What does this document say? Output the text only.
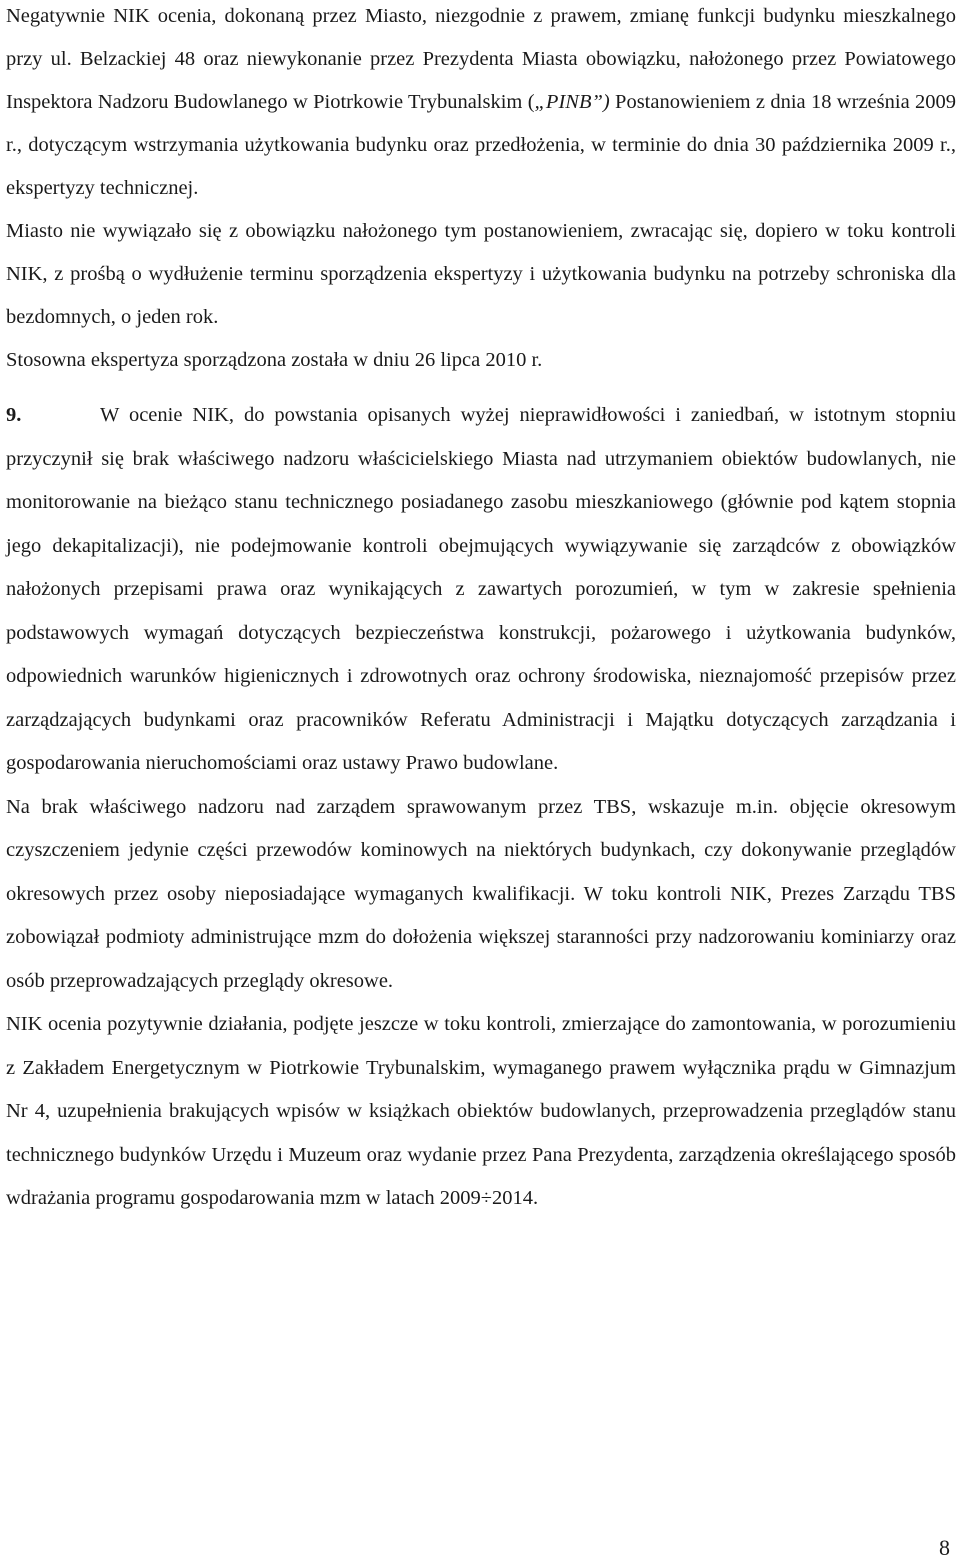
Negatywnie NIK ocenia, dokonaną przez Miasto, niezgodnie z prawem, zmianę funkcji budynku mieszkalnego przy ul. Belzackiej 48 oraz niewykonanie przez Prezydenta Miasta obowiązku, nałożonego przez Powiatowego Inspektora Nadzoru Budowlanego w Piotrkowie Trybunalskim („PINB”) Postanowieniem z dnia 18 września 2009 r., dotyczącym wstrzymania użytkowania budynku oraz przedłożenia, w terminie do dnia 30 października 2009 r., ekspertyzy technicznej.

Miasto nie wywiązało się z obowiązku nałożonego tym postanowieniem, zwracając się, dopiero w toku kontroli NIK, z prośbą o wydłużenie terminu sporządzenia ekspertyzy i użytkowania budynku na potrzeby schroniska dla bezdomnych, o jeden rok.

Stosowna ekspertyza sporządzona została w dniu 26 lipca 2010 r.

9.	W ocenie NIK, do powstania opisanych wyżej nieprawidłowości i zaniedbań, w istotnym stopniu przyczynił się brak właściwego nadzoru właścicielskiego Miasta nad utrzymaniem obiektów budowlanych, nie monitorowanie na bieżąco stanu technicznego posiadanego zasobu mieszkaniowego (głównie pod kątem stopnia jego dekapitalizacji), nie podejmowanie kontroli obejmujących wywiązywanie się zarządców z obowiązków nałożonych przepisami prawa oraz wynikających z zawartych porozumień, w tym w zakresie spełnienia podstawowych wymagań dotyczących bezpieczeństwa konstrukcji, pożarowego i użytkowania budynków, odpowiednich warunków higienicznych i zdrowotnych oraz ochrony środowiska, nieznajomość przepisów przez zarządzających budynkami oraz pracowników Referatu Administracji i Majątku dotyczących zarządzania i gospodarowania nieruchomościami oraz ustawy Prawo budowlane.

Na brak właściwego nadzoru nad zarządem sprawowanym przez TBS, wskazuje m.in. objęcie okresowym czyszczeniem jedynie części przewodów kominowych na niektórych budynkach, czy dokonywanie przeglądów okresowych przez osoby nieposiadające wymaganych kwalifikacji. W toku kontroli NIK, Prezes Zarządu TBS zobowiązał podmioty administrujące mzm do dołożenia większej staranności przy nadzorowaniu kominiarzy oraz osób przeprowadzających przeglądy okresowe.

NIK ocenia pozytywnie działania, podjęte jeszcze w toku kontroli, zmierzające do zamontowania, w porozumieniu z Zakładem Energetycznym w Piotrkowie Trybunalskim, wymaganego prawem wyłącznika prądu w Gimnazjum Nr 4, uzupełnienia brakujących wpisów w książkach obiektów budowlanych, przeprowadzenia przeglądów stanu technicznego budynków Urzędu i Muzeum oraz wydanie przez Pana Prezydenta, zarządzenia określającego sposób wdrażania programu gospodarowania mzm w latach 2009÷2014.

8
